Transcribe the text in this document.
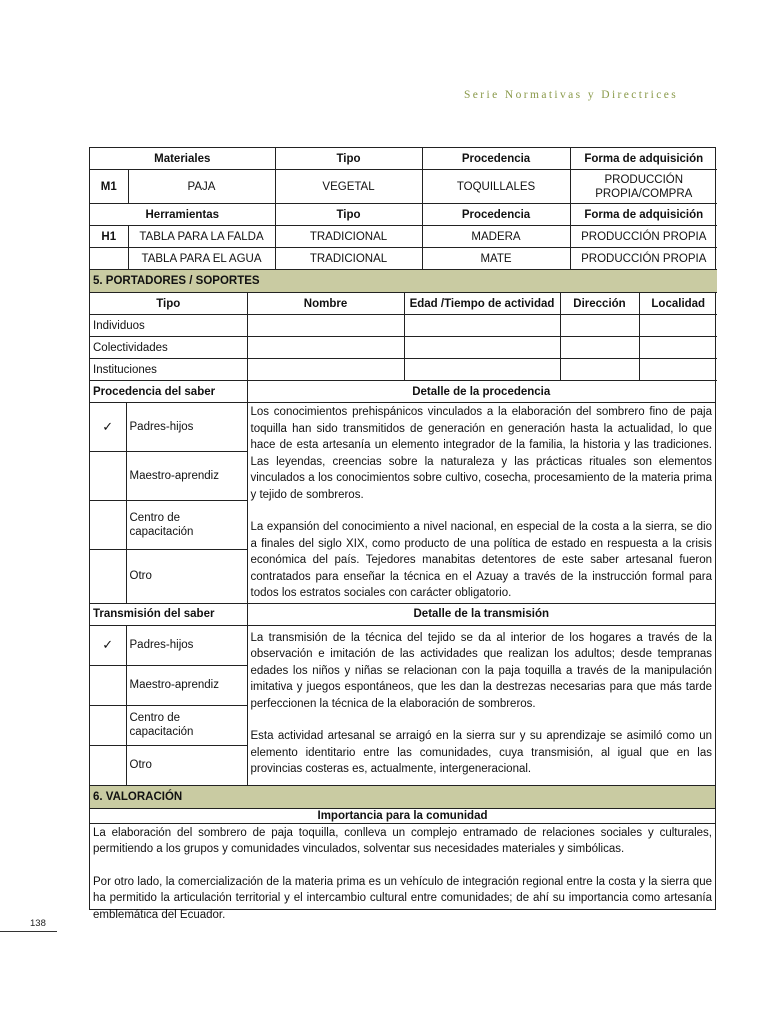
Serie Normativas y Directrices
Materiales		Tipo	Procedencia	Forma de adquisición
M1	PAJA	VEGETAL	TOQUILLALES	PRODUCCIÓN PROPIA/COMPRA
Herramientas		Tipo	Procedencia	Forma de adquisición
H1	TABLA PARA LA FALDA	TRADICIONAL	MADERA	PRODUCCIÓN PROPIA
	TABLA PARA EL AGUA	TRADICIONAL	MATE	PRODUCCIÓN PROPIA
5. PORTADORES / SOPORTES				
Tipo	Nombre	Edad /Tiempo de actividad	Dirección	Localidad
Individuos				
Colectividades				
Instituciones				
Procedencia del saber		Detalle de la procedencia
✓	Padres-hijos	Los conocimientos prehispánicos vinculados a la elaboración del sombrero fino de paja toquilla han sido transmitidos de generación en generación hasta la actualidad, lo que hace de esta artesanía un elemento integrador de la familia, la historia y las tradiciones. Las leyendas, creencias sobre la naturaleza y las prácticas rituales son elementos vinculados a los conocimientos sobre cultivo, cosecha, procesamiento de la materia prima y tejido de sombreros.

La expansión del conocimiento a nivel nacional, en especial de la costa a la sierra, se dio a finales del siglo XIX, como producto de una política de estado en respuesta a la crisis económica del país. Tejedores manabitas detentores de este saber artesanal fueron contratados para enseñar la técnica en el Azuay a través de la instrucción formal para todos los estratos sociales con carácter obligatorio.

	Maestro-aprendiz	
	Centro de capacitación	
	Otro	
Transmisión del saber		Detalle de la transmisión
✓	Padres-hijos	La transmisión de la técnica del tejido se da al interior de los hogares a través de la observación e imitación de las actividades que realizan los adultos; desde tempranas edades los niños y niñas se relacionan con la paja toquilla a través de la manipulación imitativa y juegos espontáneos, que les dan la destrezas necesarias para que más tarde perfeccionen la técnica de la elaboración de sombreros.

Esta actividad artesanal se arraigó en la sierra sur y su aprendizaje se asimiló como un elemento identitario entre las comunidades, cuya transmisión, al igual que en las provincias costeras es, actualmente, intergeneracional.

	Maestro-aprendiz	
	Centro de capacitación	
	Otro	
6. VALORACIÓN
Importancia para la comunidad

La elaboración del sombrero de paja toquilla, conlleva un complejo entramado de relaciones sociales y culturales, permitiendo a los grupos y comunidades vinculados, solventar sus necesidades materiales y simbólicas.

Por otro lado, la comercialización de la materia prima es un vehículo de integración regional entre la costa y la sierra que ha permitido la articulación territorial y el intercambio cultural entre comunidades; de ahí su importancia como artesanía emblemática del Ecuador.

138
